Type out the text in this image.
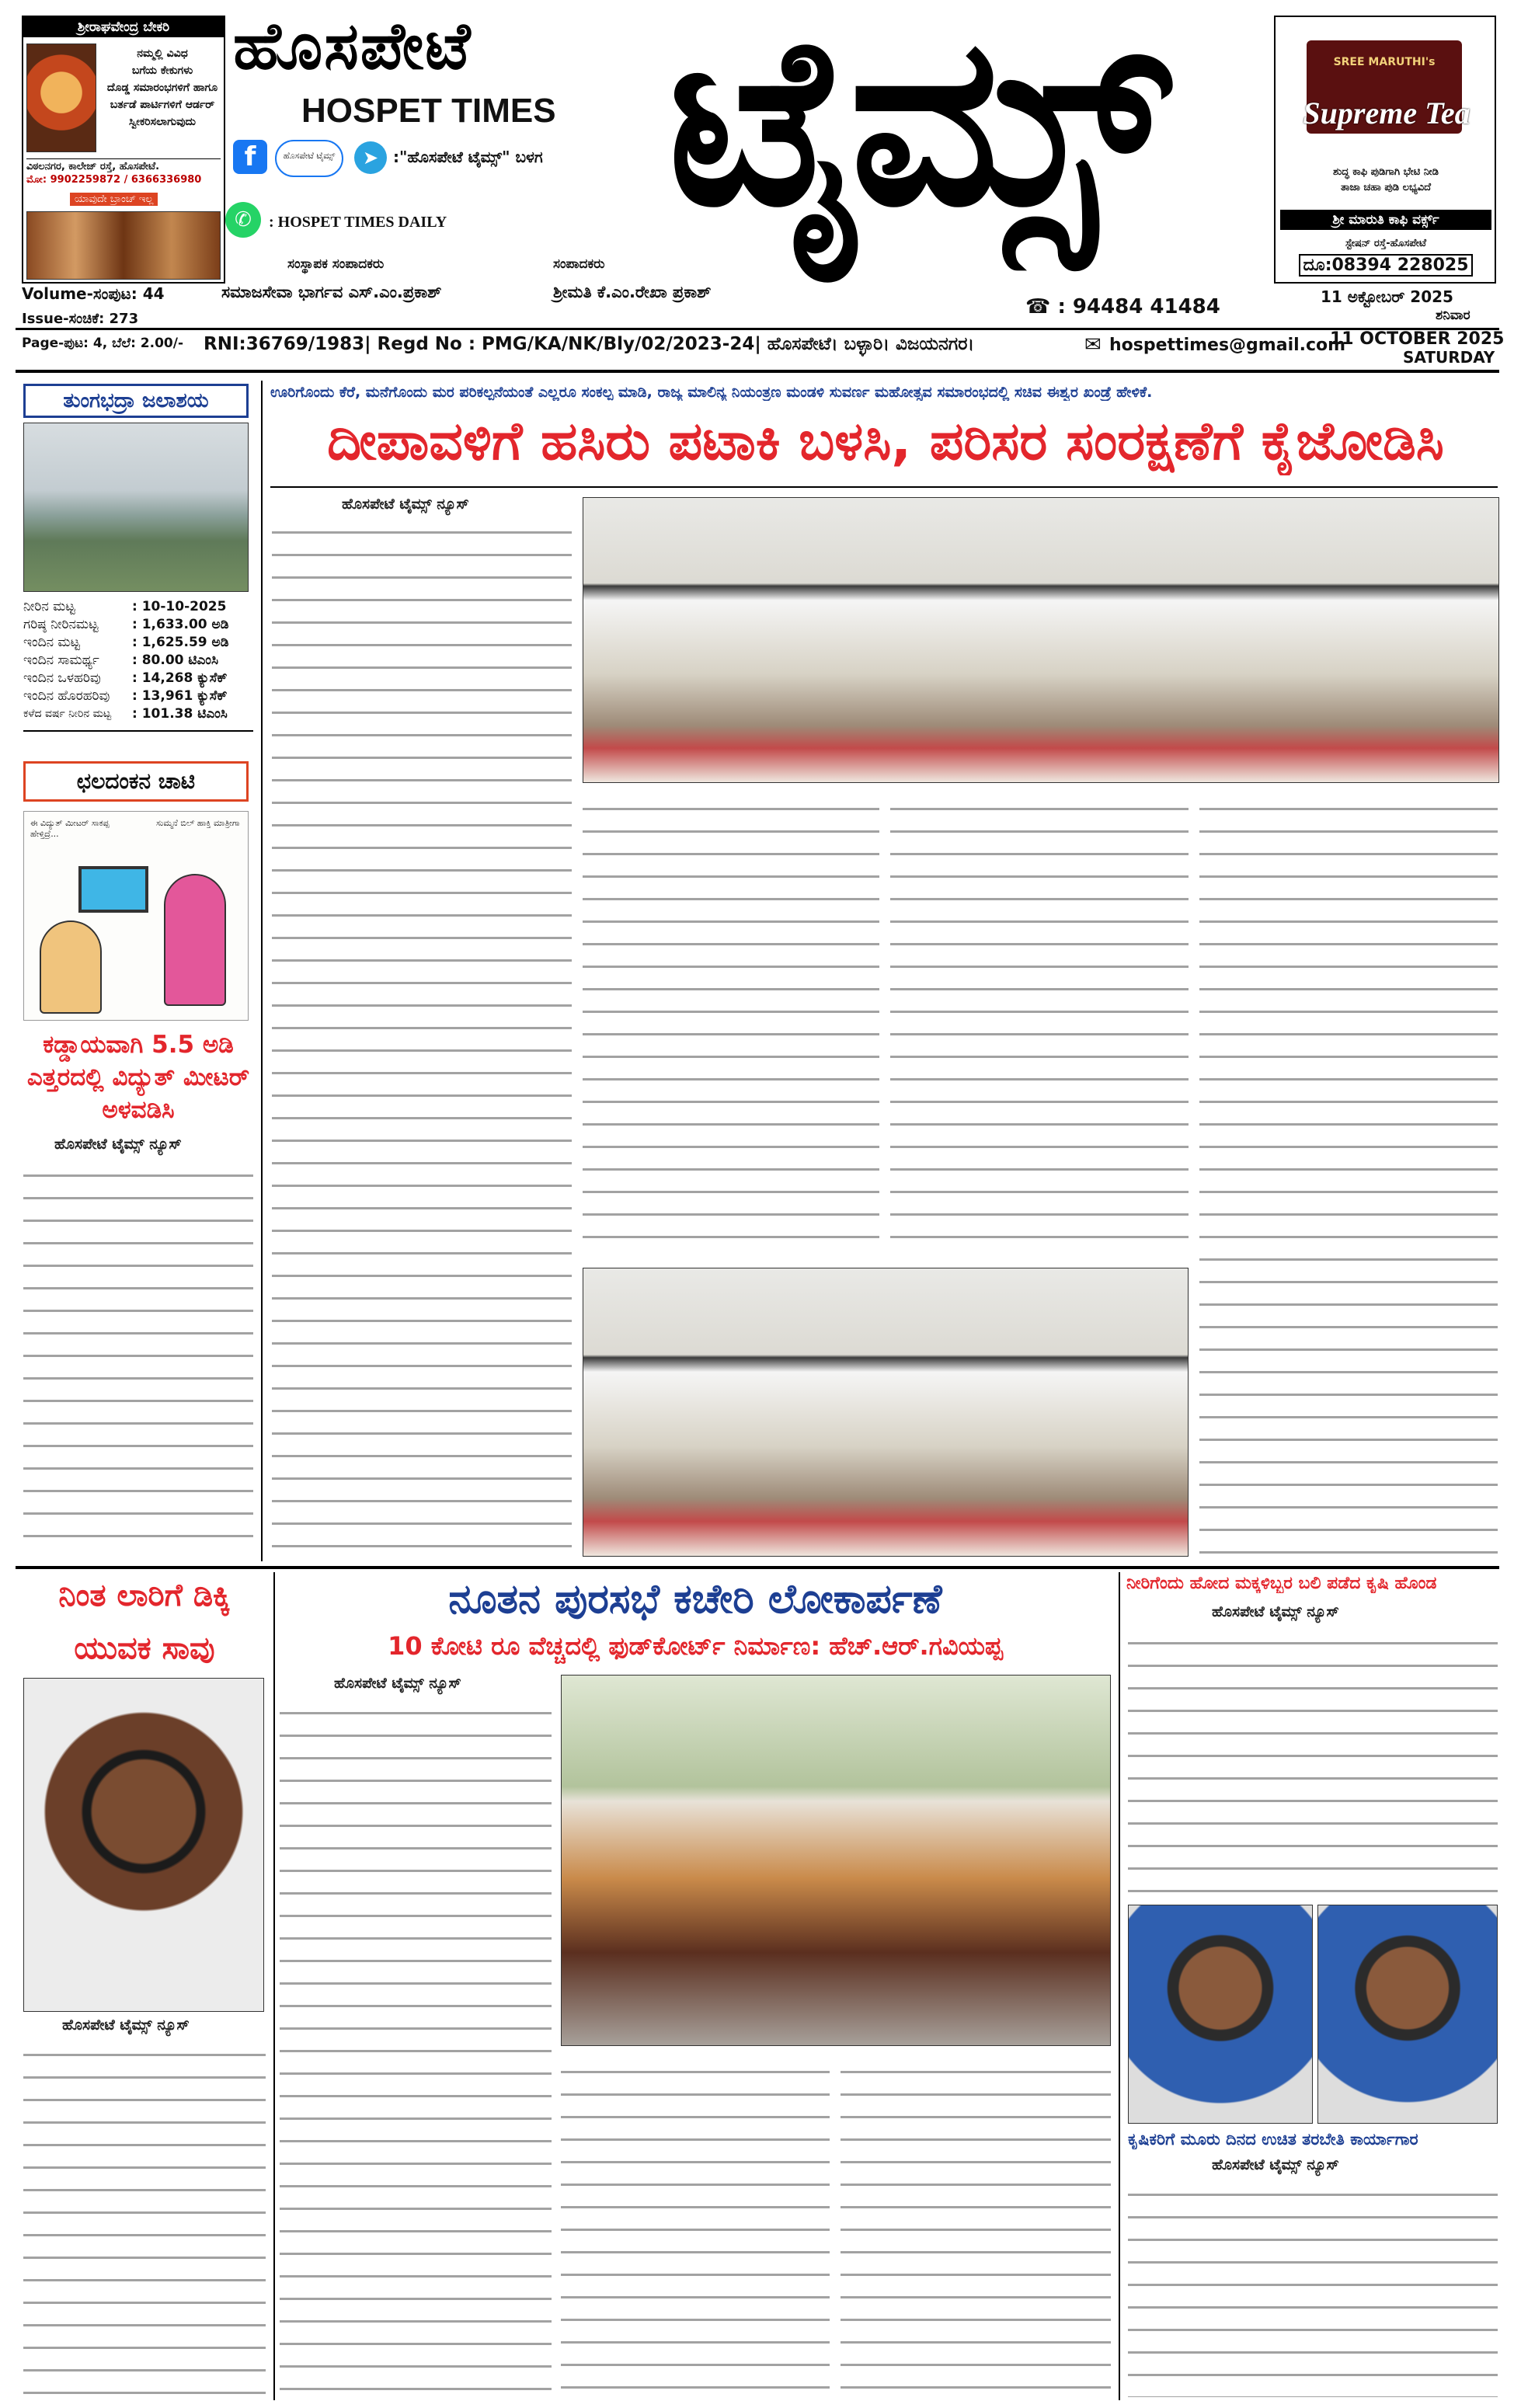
ಶ್ರೀರಾಘವೇಂದ್ರ ಬೇಕರಿ
ನಮ್ಮಲ್ಲಿ ವಿವಿಧ
ಬಗೆಯ ಕೇಕುಗಳು
ದೊಡ್ಡ ಸಮಾರಂಭಗಳಿಗೆ ಹಾಗೂ
ಬರ್ತಡೆ ಪಾರ್ಟಿಗಳಿಗೆ ಆರ್ಡರ್
ಸ್ವೀಕರಿಸಲಾಗುವುದು
ವಿಠಲನಗರ, ಕಾಲೇಜ್ ರಸ್ತೆ, ಹೊಸಪೇಟೆ.
ಮೋ: 9902259872 / 6366336980
ಯಾವುದೇ ಬ್ರಾಂಚ್ ಇಲ್ಲ
ಹೊಸಪೇಟೆ
HOSPET TIMES ಟೈಮ್ಸ್
f	ಹೊಸಪೇಟೆ ಟೈಮ್ಸ್	➤ :"ಹೊಸಪೇಟೆ ಟೈಮ್ಸ್" ಬಳಗ
✆	: HOSPET TIMES DAILY
ಸಂಸ್ಥಾಪಕ ಸಂಪಾದಕರು	ಸಂಪಾದಕರು
ಸಮಾಜಸೇವಾ ಭಾರ್ಗವ ಎಸ್.ಎಂ.ಪ್ರಕಾಶ್	ಶ್ರೀಮತಿ ಕೆ.ಎಂ.ರೇಖಾ ಪ್ರಕಾಶ್
☎ : 94484 41484
SREE MARUTHI's
Supreme Tea
ಶುದ್ಧ ಕಾಫಿ ಪುಡಿಗಾಗಿ ಭೇಟಿ ನೀಡಿ
ತಾಜಾ ಚಹಾ ಪುಡಿ ಲಭ್ಯವಿದೆ
ಶ್ರೀ ಮಾರುತಿ ಕಾಫಿ ವರ್ಕ್ಸ್
ಸ್ಟೇಷನ್ ರಸ್ತೆ-ಹೊಸಪೇಟೆ
ದೂ:08394 228025
11 ಅಕ್ಟೋಬರ್ 2025
ಶನಿವಾರ
Volume-ಸಂಪುಟ: 44
Issue-ಸಂಚಿಕೆ: 273
Page-ಪುಟ: 4, ಬೆಲೆ: 2.00/- RNI:36769/1983| Regd No : PMG/KA/NK/Bly/02/2023-24| ಹೊಸಪೇಟೆ। ಬಳ್ಳಾರಿ। ವಿಜಯನಗರ।	✉ hospettimes@gmail.com
11 OCTOBER 2025
SATURDAY
ತುಂಗಭದ್ರಾ ಜಲಾಶಯ
ನೀರಿನ ಮಟ್ಟ	: 10-10-2025
ಗರಿಷ್ಠ ನೀರಿನಮಟ್ಟ	: 1,633.00 ಅಡಿ
ಇಂದಿನ ಮಟ್ಟ	: 1,625.59 ಅಡಿ
ಇಂದಿನ ಸಾಮರ್ಥ್ಯ	: 80.00 ಟಿಎಂಸಿ
ಇಂದಿನ ಒಳಹರಿವು	: 14,268 ಕ್ಯುಸೆಕ್
ಇಂದಿನ ಹೊರಹರಿವು	: 13,961 ಕ್ಯುಸೆಕ್
ಕಳೆದ ವರ್ಷ ನೀರಿನ ಮಟ್ಟ	: 101.38 ಟಿಎಂಸಿ
ಛಲದಂಕನ ಚಾಟಿ
ಈ ವಿದ್ಯುತ್ ಮೀಟರ್ ಸಾಕಪ್ಪ ಹೇಳ್ತಿದ್ರೆ...
ಸುಮ್ಮನೆ ಬಿಲ್ ಹಾಕ್ತಿ ಮಾತ್ರೀಗಾ
ಕಡ್ಡಾಯವಾಗಿ 5.5 ಅಡಿ ಎತ್ತರದಲ್ಲಿ ವಿದ್ಯುತ್ ಮೀಟರ್ ಅಳವಡಿಸಿ
ಹೊಸಪೇಟೆ ಟೈಮ್ಸ್ ನ್ಯೂಸ್
ಊರಿಗೊಂದು ಕೆರೆ, ಮನೆಗೊಂದು ಮರ ಪರಿಕಲ್ಪನೆಯಂತೆ ಎಲ್ಲರೂ ಸಂಕಲ್ಪ ಮಾಡಿ, ರಾಜ್ಯ ಮಾಲಿನ್ಯ ನಿಯಂತ್ರಣ ಮಂಡಳಿ ಸುವರ್ಣ ಮಹೋತ್ಸವ ಸಮಾರಂಭದಲ್ಲಿ ಸಚಿವ ಈಶ್ವರ ಖಂಡ್ರೆ ಹೇಳಿಕೆ.
ದೀಪಾವಳಿಗೆ ಹಸಿರು ಪಟಾಕಿ ಬಳಸಿ, ಪರಿಸರ ಸಂರಕ್ಷಣೆಗೆ ಕೈಜೋಡಿಸಿ
ಹೊಸಪೇಟೆ ಟೈಮ್ಸ್ ನ್ಯೂಸ್
ನಿಂತ ಲಾರಿಗೆ ಡಿಕ್ಕಿ ಯುವಕ ಸಾವು
ಹೊಸಪೇಟೆ ಟೈಮ್ಸ್ ನ್ಯೂಸ್
ನೂತನ ಪುರಸಭೆ ಕಚೇರಿ ಲೋಕಾರ್ಪಣೆ
10 ಕೋಟಿ ರೂ ವೆಚ್ಚದಲ್ಲಿ ಫುಡ್‌ಕೋರ್ಟ್ ನಿರ್ಮಾಣ: ಹೆಚ್.ಆರ್.ಗವಿಯಪ್ಪ
ಹೊಸಪೇಟೆ ಟೈಮ್ಸ್ ನ್ಯೂಸ್
ನೀರಿಗೆಂದು ಹೋದ ಮಕ್ಕಳಿಬ್ಬರ ಬಲಿ ಪಡೆದ ಕೃಷಿ ಹೊಂಡ
ಹೊಸಪೇಟೆ ಟೈಮ್ಸ್ ನ್ಯೂಸ್
ಕೃಷಿಕರಿಗೆ ಮೂರು ದಿನದ ಉಚಿತ ತರಬೇತಿ ಕಾರ್ಯಾಗಾರ
ಹೊಸಪೇಟೆ ಟೈಮ್ಸ್ ನ್ಯೂಸ್
